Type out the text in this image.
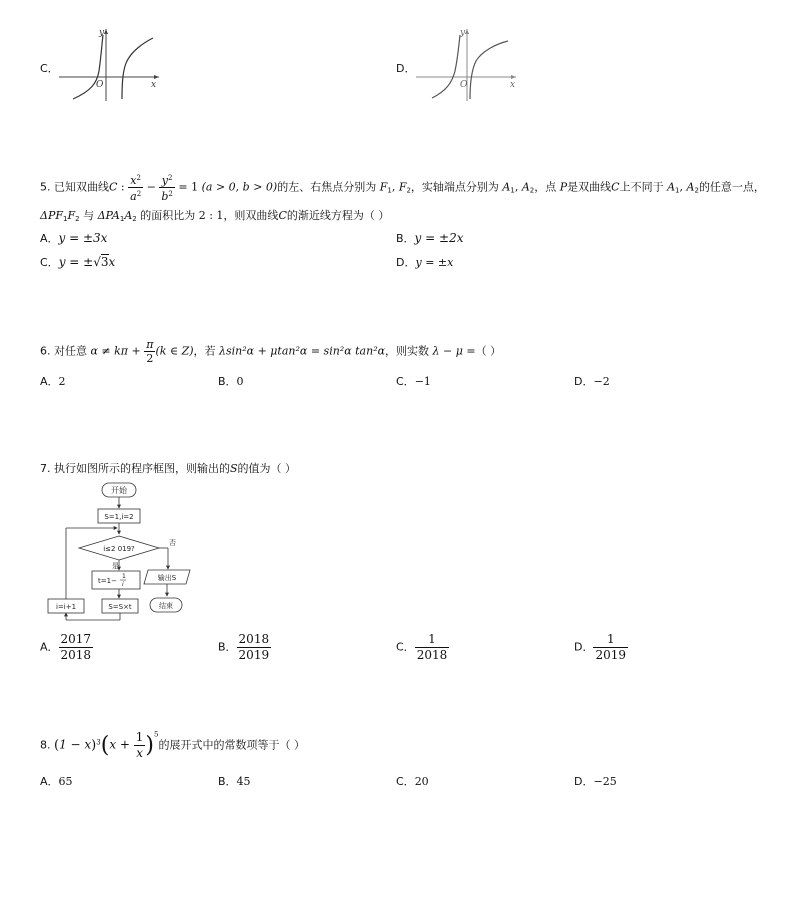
C．
y
O	x
D．
y
O	x
5. 已知双曲线C : $\frac{x^2}{a^2} - \frac{y^2}{b^2} = 1$ (a > 0, b > 0)的左、右焦点分别为 $F_1$, $F_2$，实轴端点分别为 $A_1$, $A_2$，点 P是双曲线C上不同于 $A_1$, $A_2$的任意一点，
$\Delta PF_1F_2$ 与 $\Delta PA_1A_2$ 的面积比为 2 : 1，则双曲线C的渐近线方程为（ ）
A．y = ±3x	B．y = ±2x
C．y = ±√3x	D．y = ±x
6. 对任意 $\alpha \ne k\pi + \frac{\pi}{2} (k$ ∈ Z)，若 λsin²α + μtan²α = sin²α tan²α，则实数 λ − μ =（ ）
A．2	B．0	C．−1	D．−2
7. 执行如图所示的程序框图，则输出的S的值为（ ）
开始
S=1,i=2
i≤2 019?
否
是
t=1−
1
i
输出S
结束
S=S×t
i=i+1
A． $\frac{2017}{2018}$	B． $\frac{2018}{2019}$	C． $\frac{1}{2018}$	D． $\frac{1}{2019}$
8. $(1 - x)^3(x + \frac{1}{x} )^5$的展开式中的常数项等于（ ）
A．65	B．45	C．20	D．−25
